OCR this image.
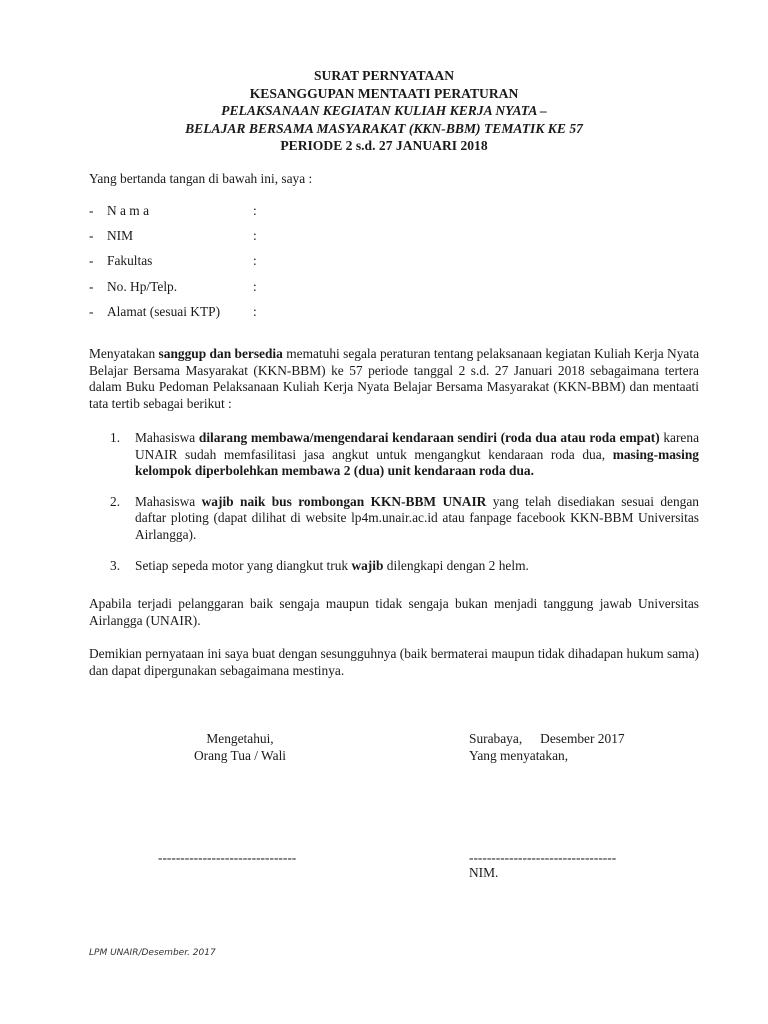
SURAT PERNYATAAN
KESANGGUPAN MENTAATI PERATURAN
PELAKSANAAN KEGIATAN KULIAH KERJA NYATA –
BELAJAR BERSAMA MASYARAKAT (KKN-BBM) TEMATIK KE 57
PERIODE 2 s.d. 27 JANUARI 2018
Yang bertanda tangan di bawah ini, saya :
- N a m a	:
- NIM	:
- Fakultas	:
- No. Hp/Telp.	:
- Alamat (sesuai KTP) :
Menyatakan sanggup dan bersedia mematuhi segala peraturan tentang pelaksanaan kegiatan Kuliah Kerja Nyata Belajar Bersama Masyarakat (KKN-BBM) ke 57 periode tanggal 2 s.d. 27 Januari 2018 sebagaimana tertera dalam Buku Pedoman Pelaksanaan Kuliah Kerja Nyata Belajar Bersama Masyarakat (KKN-BBM) dan mentaati tata tertib sebagai berikut :
1. Mahasiswa dilarang membawa/mengendarai kendaraan sendiri (roda dua atau roda empat) karena UNAIR sudah memfasilitasi jasa angkut untuk mengangkut kendaraan roda dua, masing-masing kelompok diperbolehkan membawa 2 (dua) unit kendaraan roda dua.
2. Mahasiswa wajib naik bus rombongan KKN-BBM UNAIR yang telah disediakan sesuai dengan daftar ploting (dapat dilihat di website lp4m.unair.ac.id atau fanpage facebook KKN-BBM Universitas Airlangga).
3. Setiap sepeda motor yang diangkut truk wajib dilengkapi dengan 2 helm.
Apabila terjadi pelanggaran baik sengaja maupun tidak sengaja bukan menjadi tanggung jawab Universitas Airlangga (UNAIR).
Demikian pernyataan ini saya buat dengan sesungguhnya (baik bermaterai maupun tidak dihadapan hukum sama) dan dapat dipergunakan sebagaimana mestinya.
Mengetahui,
Orang Tua / Wali
Surabaya, Desember 2017
Yang menyatakan,
-------------------------------	---------------------------------
NIM.
LPM UNAIR/Desember. 2017
